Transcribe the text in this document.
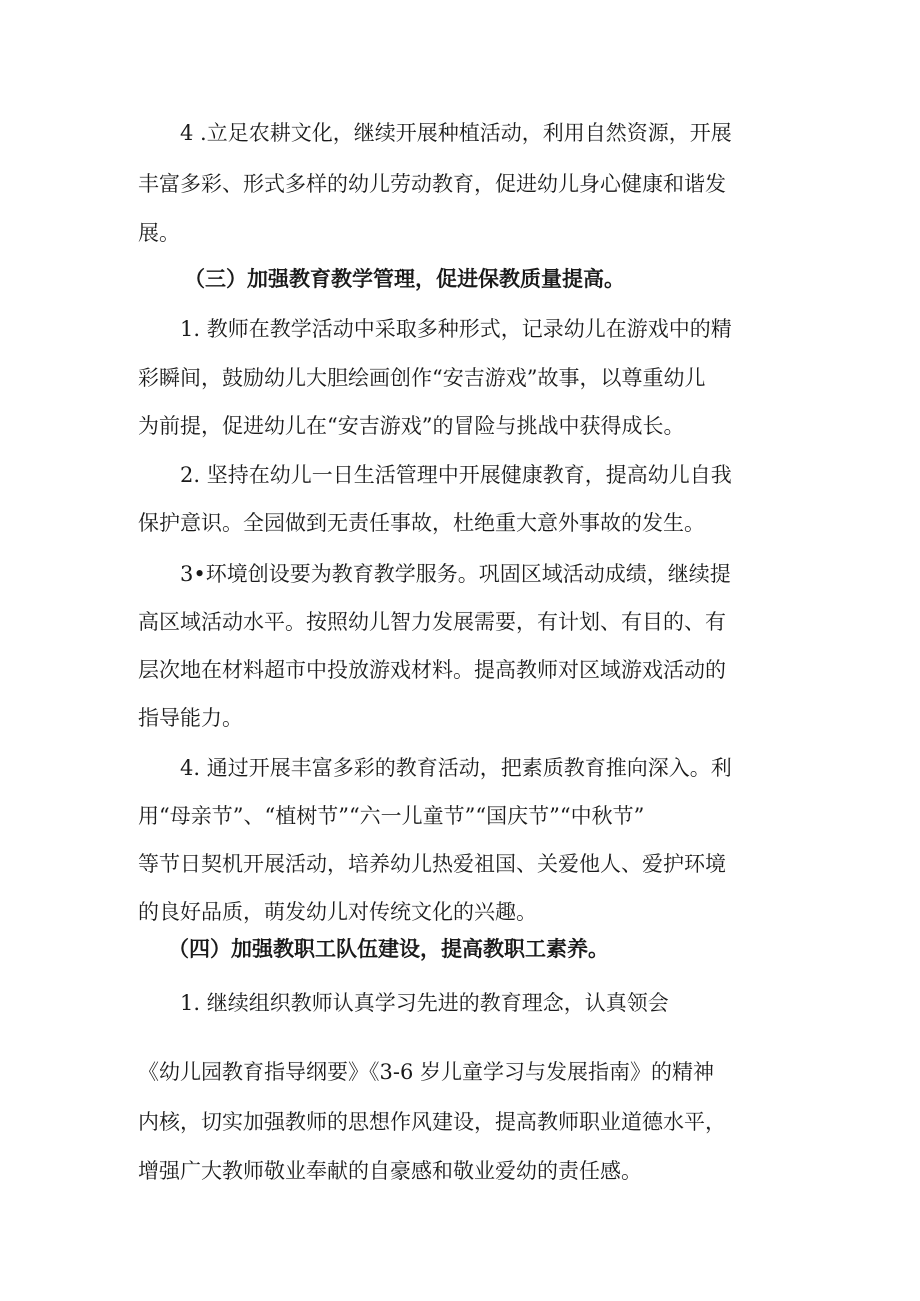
4 .立足农耕文化，继续开展种植活动，利用自然资源，开展
丰富多彩、形式多样的幼儿劳动教育，促进幼儿身心健康和谐发
展。
（三）加强教育教学管理，促进保教质量提高。
1. 教师在教学活动中采取多种形式，记录幼儿在游戏中的精
彩瞬间，鼓励幼儿大胆绘画创作“安吉游戏”故事，以尊重幼儿
为前提，促进幼儿在“安吉游戏”的冒险与挑战中获得成长。
2. 坚持在幼儿一日生活管理中开展健康教育，提高幼儿自我
保护意识。全园做到无责任事故，杜绝重大意外事故的发生。
3•环境创设要为教育教学服务。巩固区域活动成绩，继续提
高区域活动水平。按照幼儿智力发展需要，有计划、有目的、有
层次地在材料超市中投放游戏材料。提高教师对区域游戏活动的
指导能力。
4. 通过开展丰富多彩的教育活动，把素质教育推向深入。利
用“母亲节”、“植树节”“六一儿童节”“国庆节”“中秋节”
等节日契机开展活动，培养幼儿热爱祖国、关爱他人、爱护环境
的良好品质，萌发幼儿对传统文化的兴趣。
（四）加强教职工队伍建设，提高教职工素养。
1. 继续组织教师认真学习先进的教育理念，认真领会
《幼儿园教育指导纲要》《3-6 岁儿童学习与发展指南》的精神
内核，切实加强教师的思想作风建设，提高教师职业道德水平，
增强广大教师敬业奉献的自豪感和敬业爱幼的责任感。
